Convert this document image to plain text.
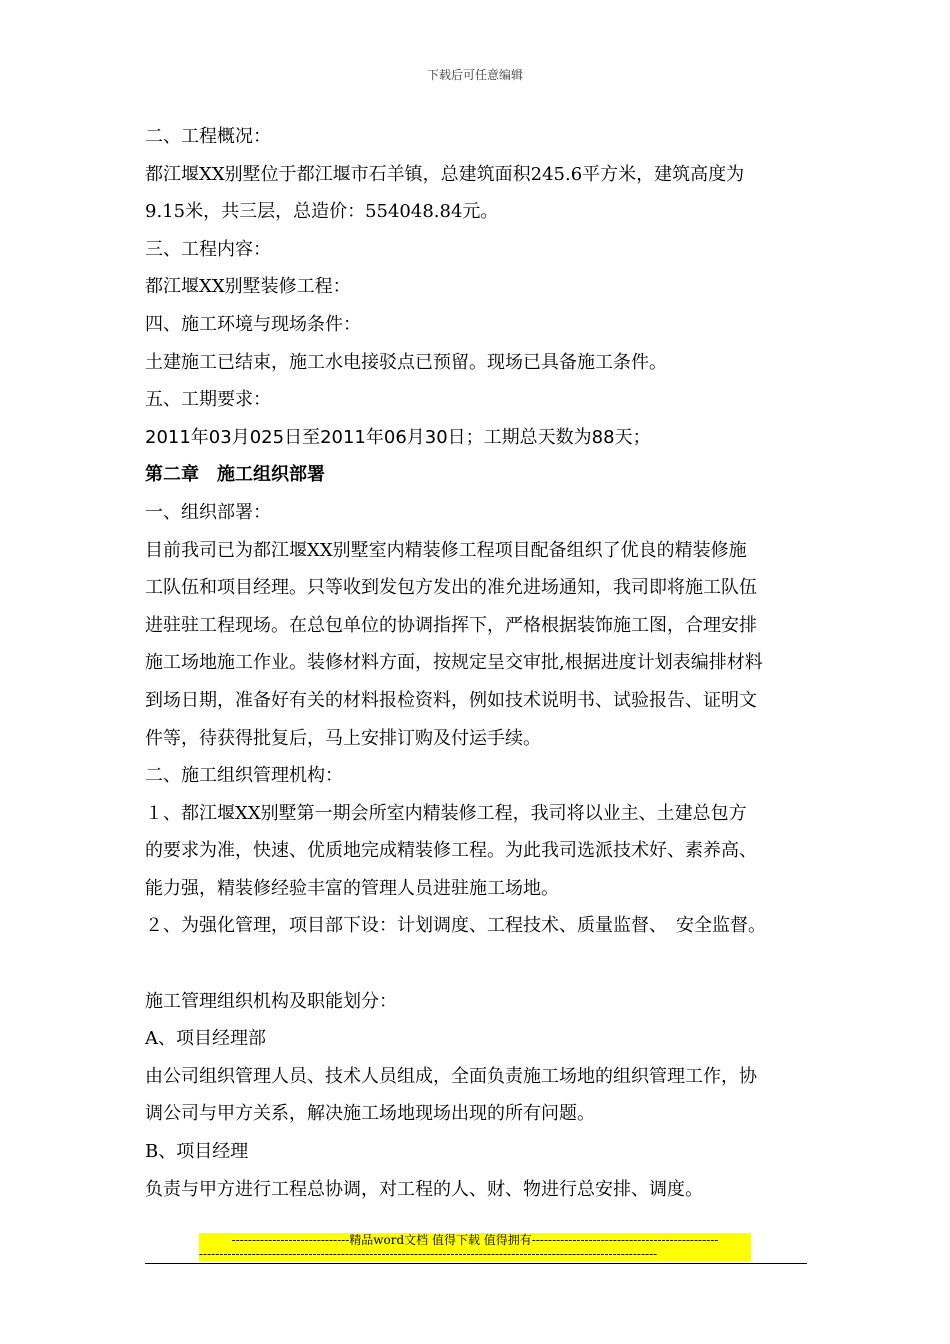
下载后可任意编辑

二、工程概况：

都江堰XX别墅位于都江堰市石羊镇，总建筑面积245.6平方米，建筑高度为

9.15米，共三层，总造价：554048.84元。

三、工程内容：

都江堰XX别墅装修工程：

四、施工环境与现场条件：

土建施工已结束，施工水电接驳点已预留。现场已具备施工条件。

五、工期要求：

2011年03月025日至2011年06月30日；工期总天数为88天；

第二章　施工组织部署

一、组织部署：

目前我司已为都江堰XX别墅室内精装修工程项目配备组织了优良的精装修施

工队伍和项目经理。只等收到发包方发出的准允进场通知，我司即将施工队伍

进驻驻工程现场。在总包单位的协调指挥下，严格根据装饰施工图，合理安排

施工场地施工作业。装修材料方面，按规定呈交审批,根据进度计划表编排材料

到场日期，准备好有关的材料报检资料，例如技术说明书、试验报告、证明文

件等，待获得批复后，马上安排订购及付运手续。

二、施工组织管理机构：

１、都江堰XX别墅第一期会所室内精装修工程，我司将以业主、土建总包方

的要求为准，快速、优质地完成精装修工程。为此我司选派技术好、素养高、

能力强，精装修经验丰富的管理人员进驻施工场地。

２、为强化管理，项目部下设：计划调度、工程技术、质量监督、　安全监督。

施工管理组织机构及职能划分：

A、项目经理部

由公司组织管理人员、技术人员组成，全面负责施工场地的组织管理工作，协

调公司与甲方关系，解决施工场地现场出现的所有问题。

B、项目经理

负责与甲方进行工程总协调，对工程的人、财、物进行总安排、调度。

-----------------------------精品word文档 值得下载 值得拥有----------------------------------------------
-----------------------------------------------------------------------------------------------------------------
